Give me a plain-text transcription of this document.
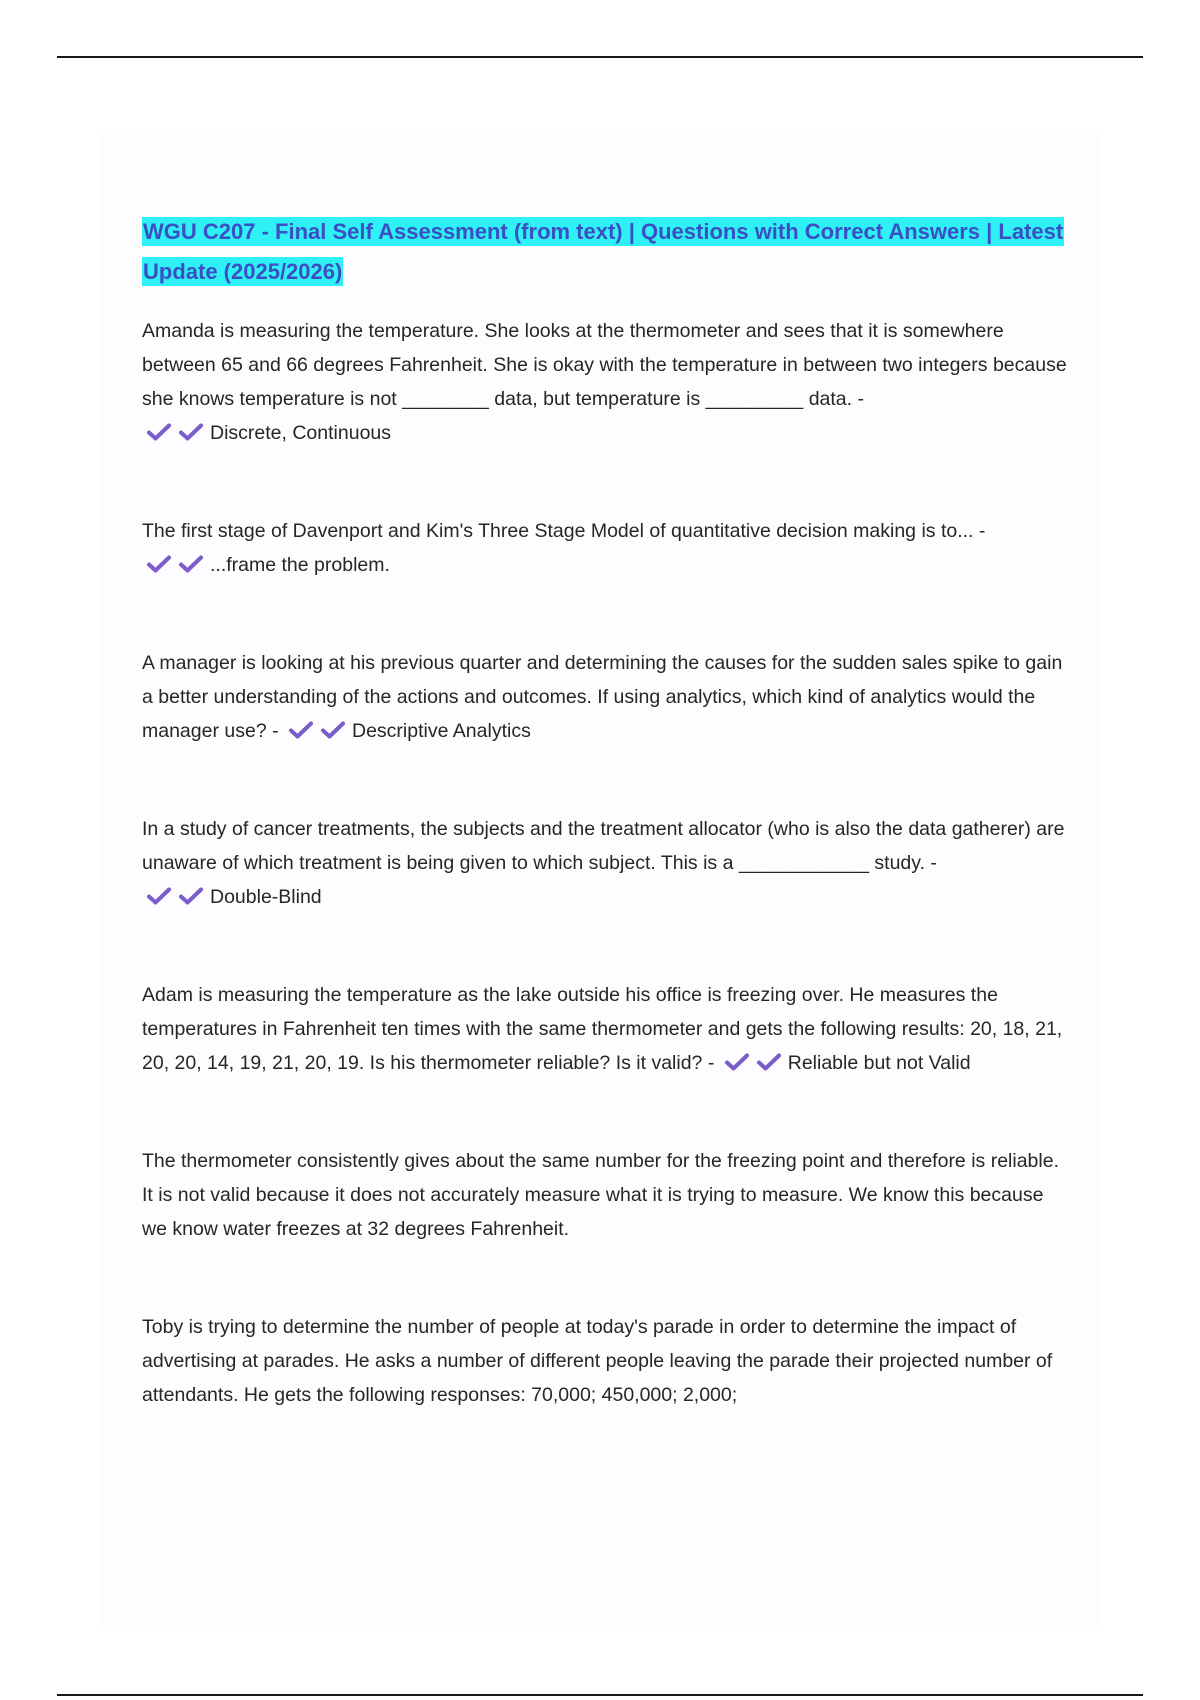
WGU C207 - Final Self Assessment (from text) | Questions with Correct Answers | Latest Update (2025/2026)

Amanda is measuring the temperature. She looks at the thermometer and sees that it is somewhere between 65 and 66 degrees Fahrenheit. She is okay with the temperature in between two integers because she knows temperature is not ________ data, but temperature is _________ data. -
Discrete, Continuous

The first stage of Davenport and Kim's Three Stage Model of quantitative decision making is to... -
...frame the problem.

A manager is looking at his previous quarter and determining the causes for the sudden sales spike to gain a better understanding of the actions and outcomes. If using analytics, which kind of analytics would the manager use? -	Descriptive Analytics

In a study of cancer treatments, the subjects and the treatment allocator (who is also the data gatherer) are unaware of which treatment is being given to which subject. This is a ____________ study. -
Double-Blind

Adam is measuring the temperature as the lake outside his office is freezing over. He measures the temperatures in Fahrenheit ten times with the same thermometer and gets the following results: 20, 18, 21, 20, 20, 14, 19, 21, 20, 19. Is his thermometer reliable? Is it valid? -	Reliable but not Valid

The thermometer consistently gives about the same number for the freezing point and therefore is reliable. It is not valid because it does not accurately measure what it is trying to measure. We know this because we know water freezes at 32 degrees Fahrenheit.

Toby is trying to determine the number of people at today's parade in order to determine the impact of advertising at parades. He asks a number of different people leaving the parade their projected number of attendants. He gets the following responses: 70,000; 450,000; 2,000;
